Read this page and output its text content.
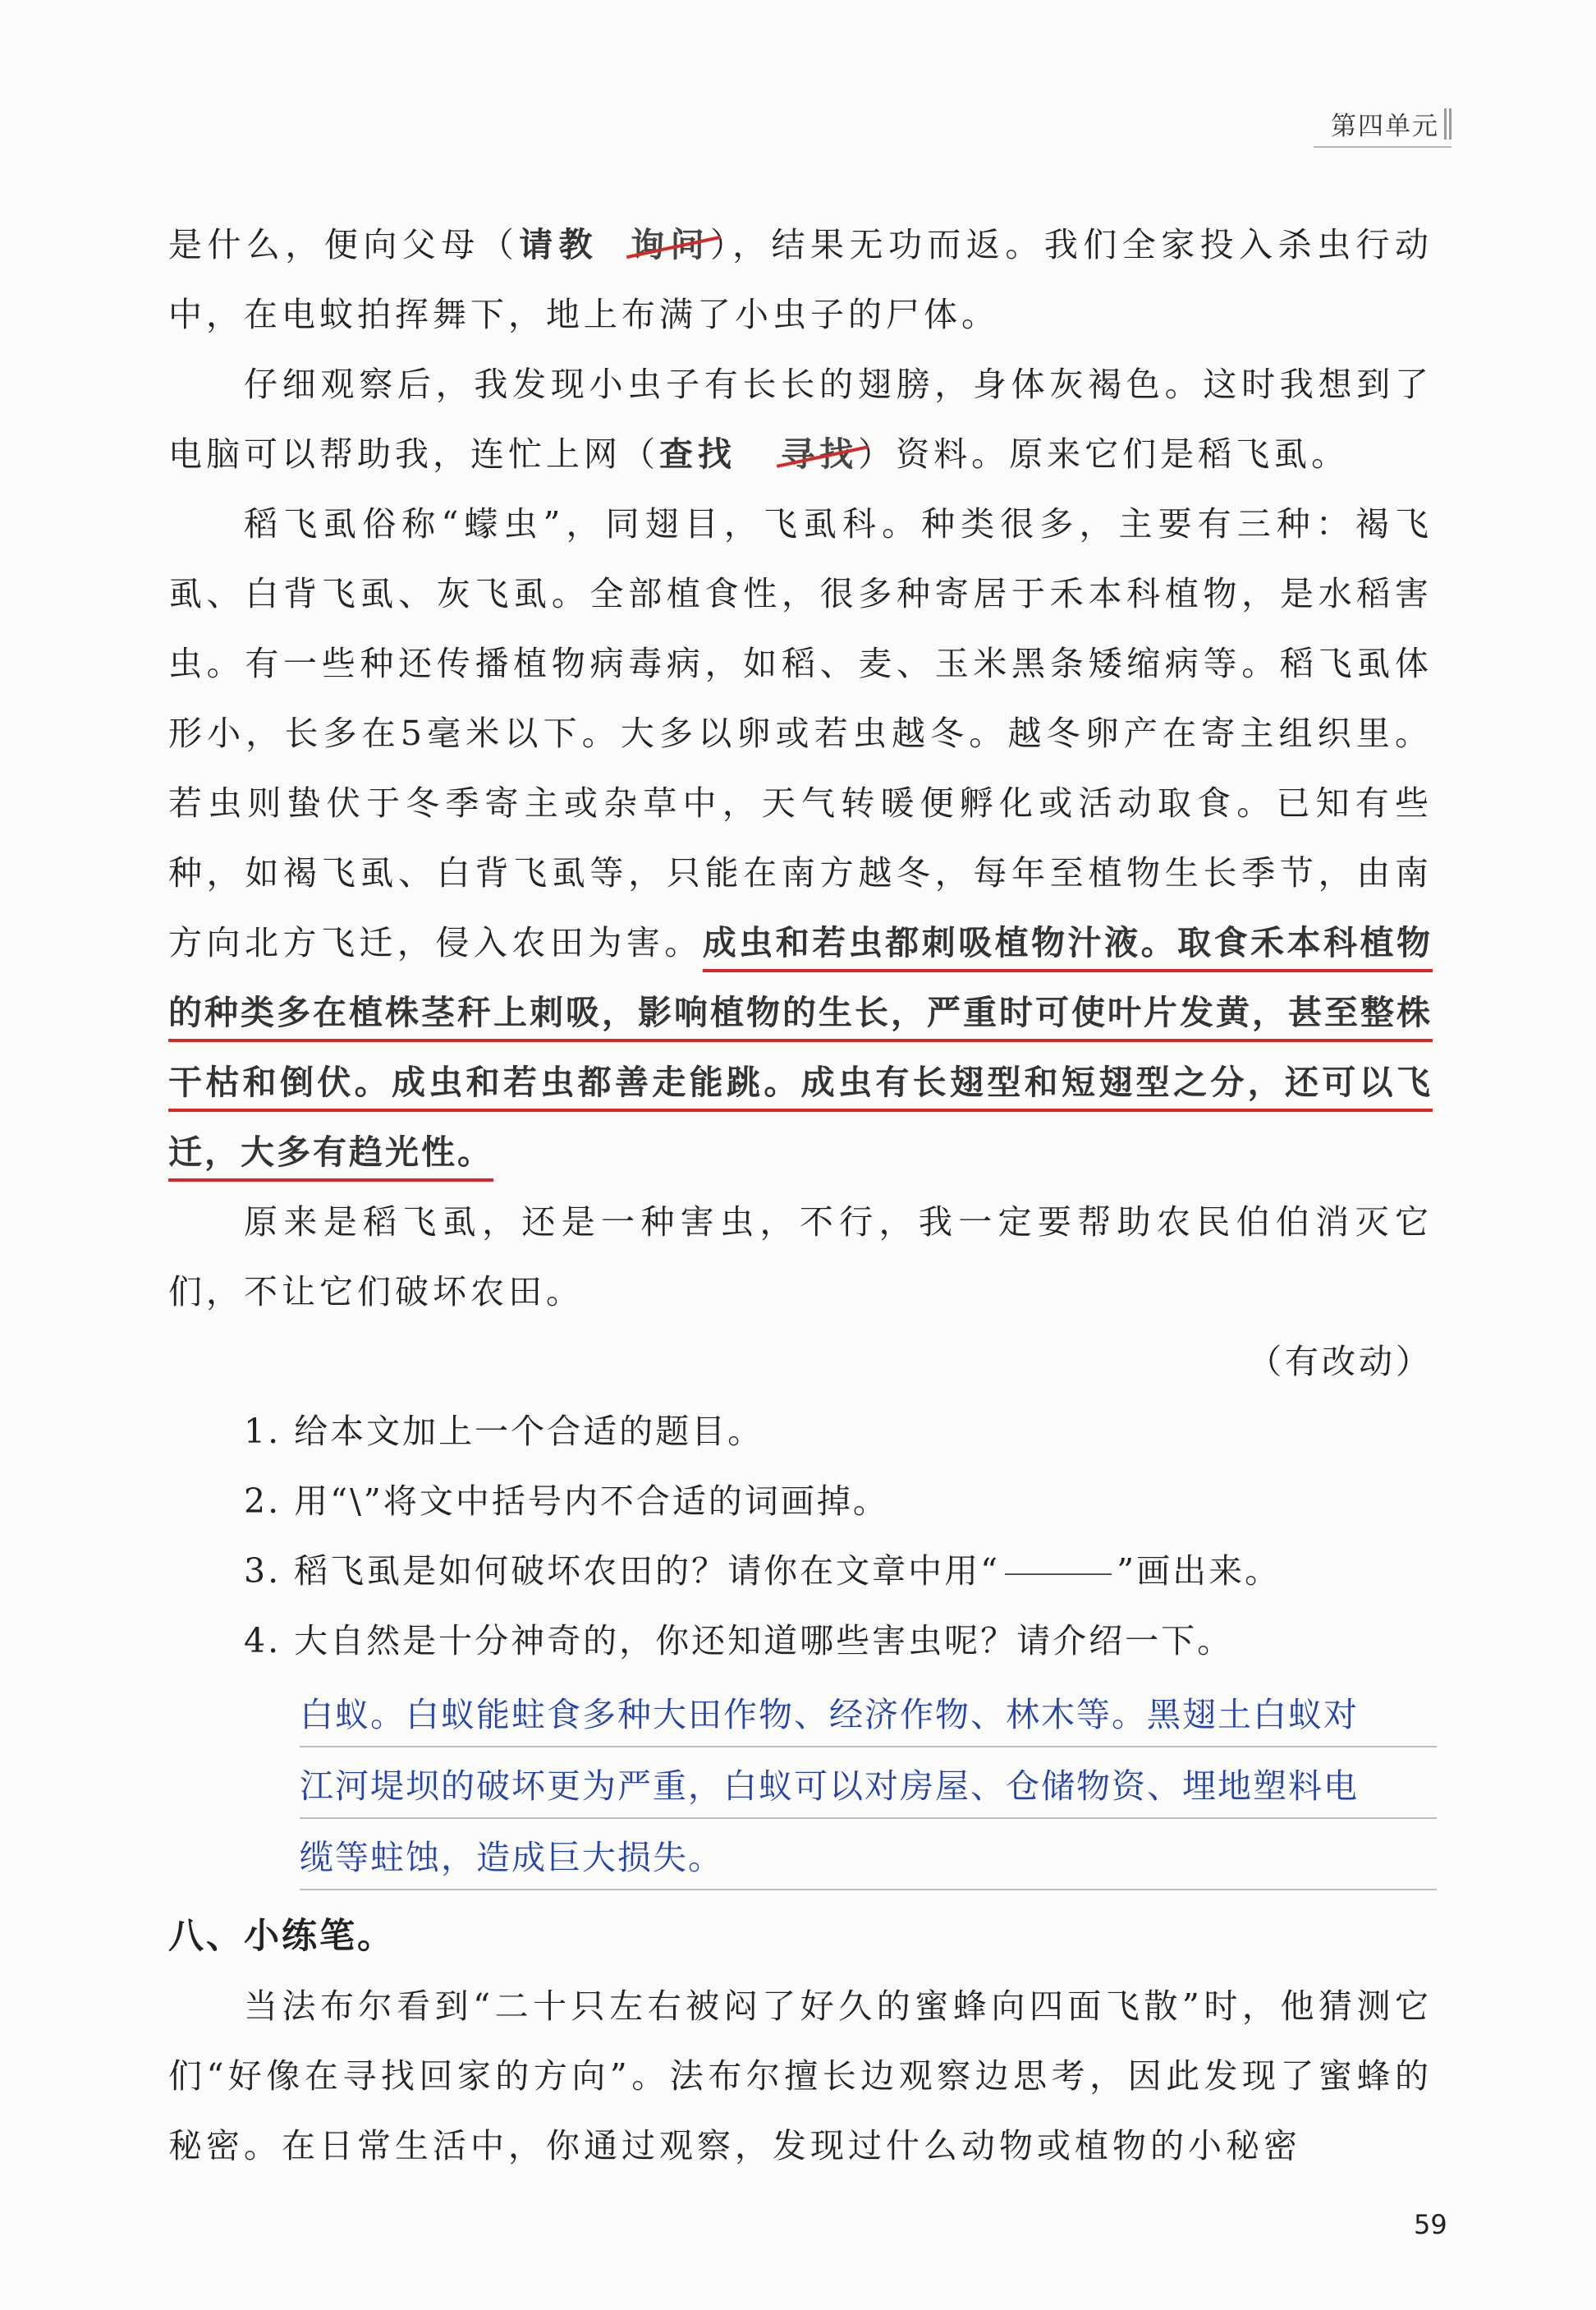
第四单元

是什么，便向父母（请教 询问），结果无功而返。我们全家投入杀虫行动中，在电蚊拍挥舞下，地上布满了小虫子的尸体。

仔细观察后，我发现小虫子有长长的翅膀，身体灰褐色。这时我想到了电脑可以帮助我，连忙上网（查找 寻找）资料。原来它们是稻飞虱。

稻飞虱俗称“蠓虫”，同翅目，飞虱科。种类很多，主要有三种：褐飞虱、白背飞虱、灰飞虱。全部植食性，很多种寄居于禾本科植物，是水稻害虫。有一些种还传播植物病毒病，如稻、麦、玉米黑条矮缩病等。稻飞虱体形小，长多在5毫米以下。大多以卵或若虫越冬。越冬卵产在寄主组织里。若虫则蛰伏于冬季寄主或杂草中，天气转暖便孵化或活动取食。已知有些种，如褐飞虱、白背飞虱等，只能在南方越冬，每年至植物生长季节，由南方向北方飞迁，侵入农田为害。成虫和若虫都刺吸植物汁液。取食禾本科植物的种类多在植株茎秆上刺吸，影响植物的生长，严重时可使叶片发黄，甚至整株干枯和倒伏。成虫和若虫都善走能跳。成虫有长翅型和短翅型之分，还可以飞迁，大多有趋光性。

原来是稻飞虱，还是一种害虫，不行，我一定要帮助农民伯伯消灭它们，不让它们破坏农田。

（有改动）

1. 给本文加上一个合适的题目。

2. 用“\”将文中括号内不合适的词画掉。

3. 稻飞虱是如何破坏农田的？请你在文章中用“	”画出来。

4. 大自然是十分神奇的，你还知道哪些害虫呢？请介绍一下。

白蚁。白蚁能蛀食多种大田作物、经济作物、林木等。黑翅土白蚁对
江河堤坝的破坏更为严重，白蚁可以对房屋、仓储物资、埋地塑料电
缆等蛀蚀，造成巨大损失。

八、小练笔。

当法布尔看到“二十只左右被闷了好久的蜜蜂向四面飞散”时，他猜测它们“好像在寻找回家的方向”。法布尔擅长边观察边思考，因此发现了蜜蜂的秘密。在日常生活中，你通过观察，发现过什么动物或植物的小秘密

59
